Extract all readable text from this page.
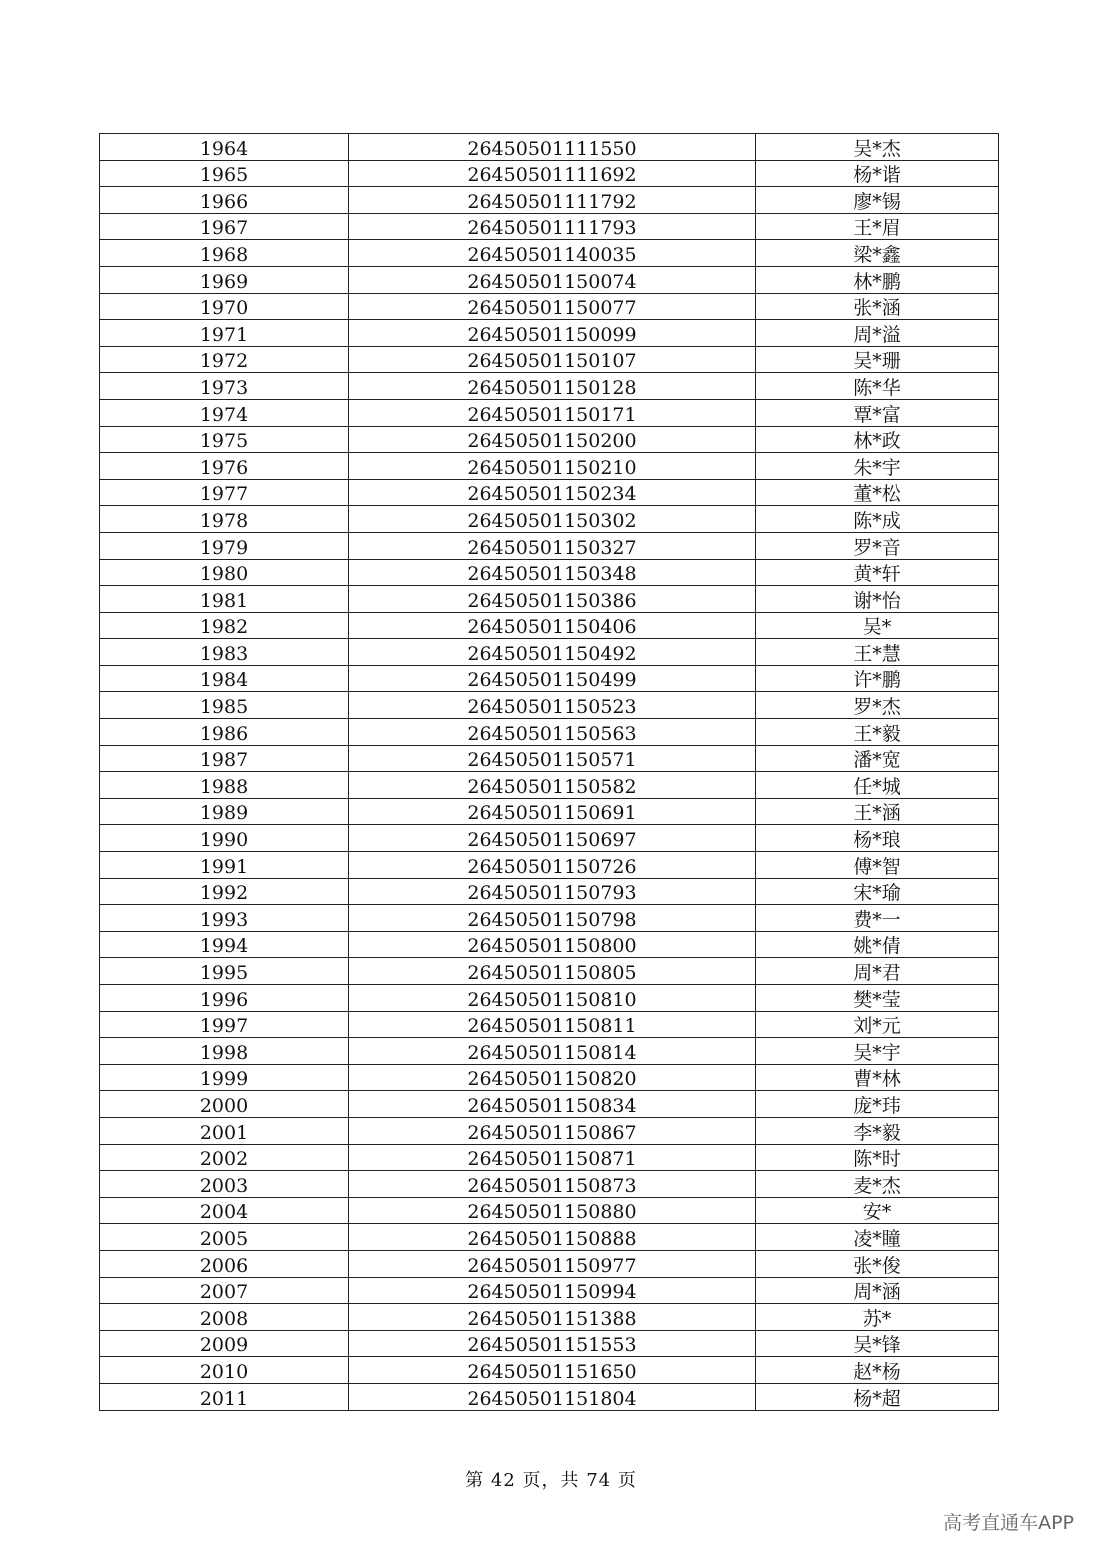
1964	26450501111550	吴*杰
1965	26450501111692	杨*谐
1966	26450501111792	廖*锡
1967	26450501111793	王*眉
1968	26450501140035	梁*鑫
1969	26450501150074	林*鹏
1970	26450501150077	张*涵
1971	26450501150099	周*溢
1972	26450501150107	吴*珊
1973	26450501150128	陈*华
1974	26450501150171	覃*富
1975	26450501150200	林*政
1976	26450501150210	朱*宇
1977	26450501150234	董*松
1978	26450501150302	陈*成
1979	26450501150327	罗*音
1980	26450501150348	黄*轩
1981	26450501150386	谢*怡
1982	26450501150406	吴*
1983	26450501150492	王*慧
1984	26450501150499	许*鹏
1985	26450501150523	罗*杰
1986	26450501150563	王*毅
1987	26450501150571	潘*宽
1988	26450501150582	任*城
1989	26450501150691	王*涵
1990	26450501150697	杨*琅
1991	26450501150726	傅*智
1992	26450501150793	宋*瑜
1993	26450501150798	费*一
1994	26450501150800	姚*倩
1995	26450501150805	周*君
1996	26450501150810	樊*莹
1997	26450501150811	刘*元
1998	26450501150814	吴*宇
1999	26450501150820	曹*林
2000	26450501150834	庞*玮
2001	26450501150867	李*毅
2002	26450501150871	陈*时
2003	26450501150873	麦*杰
2004	26450501150880	安*
2005	26450501150888	凌*瞳
2006	26450501150977	张*俊
2007	26450501150994	周*涵
2008	26450501151388	苏*
2009	26450501151553	吴*锋
2010	26450501151650	赵*杨
2011	26450501151804	杨*超
第 42 页，共 74 页
高考直通车APP
